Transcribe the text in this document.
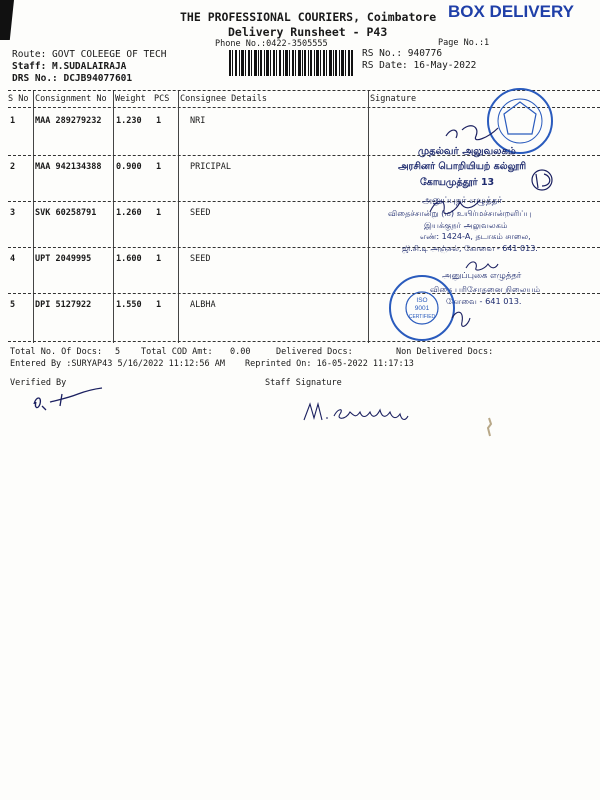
THE PROFESSIONAL COURIERS, Coimbatore
Delivery Runsheet - P43
Phone No.:0422-3505555	Page No.:1
BOX DELIVERY
Route: GOVT COLEEGE OF TECH
Staff: M.SUDALAIRAJA
DRS No.: DCJB94077601
RS No.: 940776
RS Date: 16-May-2022
S No Consignment No Weight PCS Consignee Details	Signature
1 MAA 289279232 1.230 1	NRI
2 MAA 942134388 0.900 1	PRICIPAL
3 SVK 60258791 1.260 1	SEED
4 UPT 2049995	1.600 1	SEED
5 DPI 5127922	1.550 1	ALBHA
Total No. Of Docs: 5 Total COD Amt: 0.00	Delivered Docs:	Non Delivered Docs:
Entered By :SURYAP43 5/16/2022 11:12:56 AM Reprinted On: 16-05-2022 11:17:13
Verified By	Staff Signature
முதல்வர் அலுவலகம்
அரசினர் பொறியியற் கல்லூரி
கோயமுத்தூர் 13
அனுப்புநர் எழுத்தர்
விதைச்சான்று (ம) உயிர்மச்சான்றளிப்பு
இயக்குநர் அலுவலகம்
எண்: 1424-A, தடாகம் சாலை,
ஜி.சி.டி அஞ்சல், கோவை - 641 013.
அனுப்புகை எழுத்தர்
விதை பரிசோதனை நிலையம்
கோவை - 641 013.
ISO
9001
CERTIFIED
